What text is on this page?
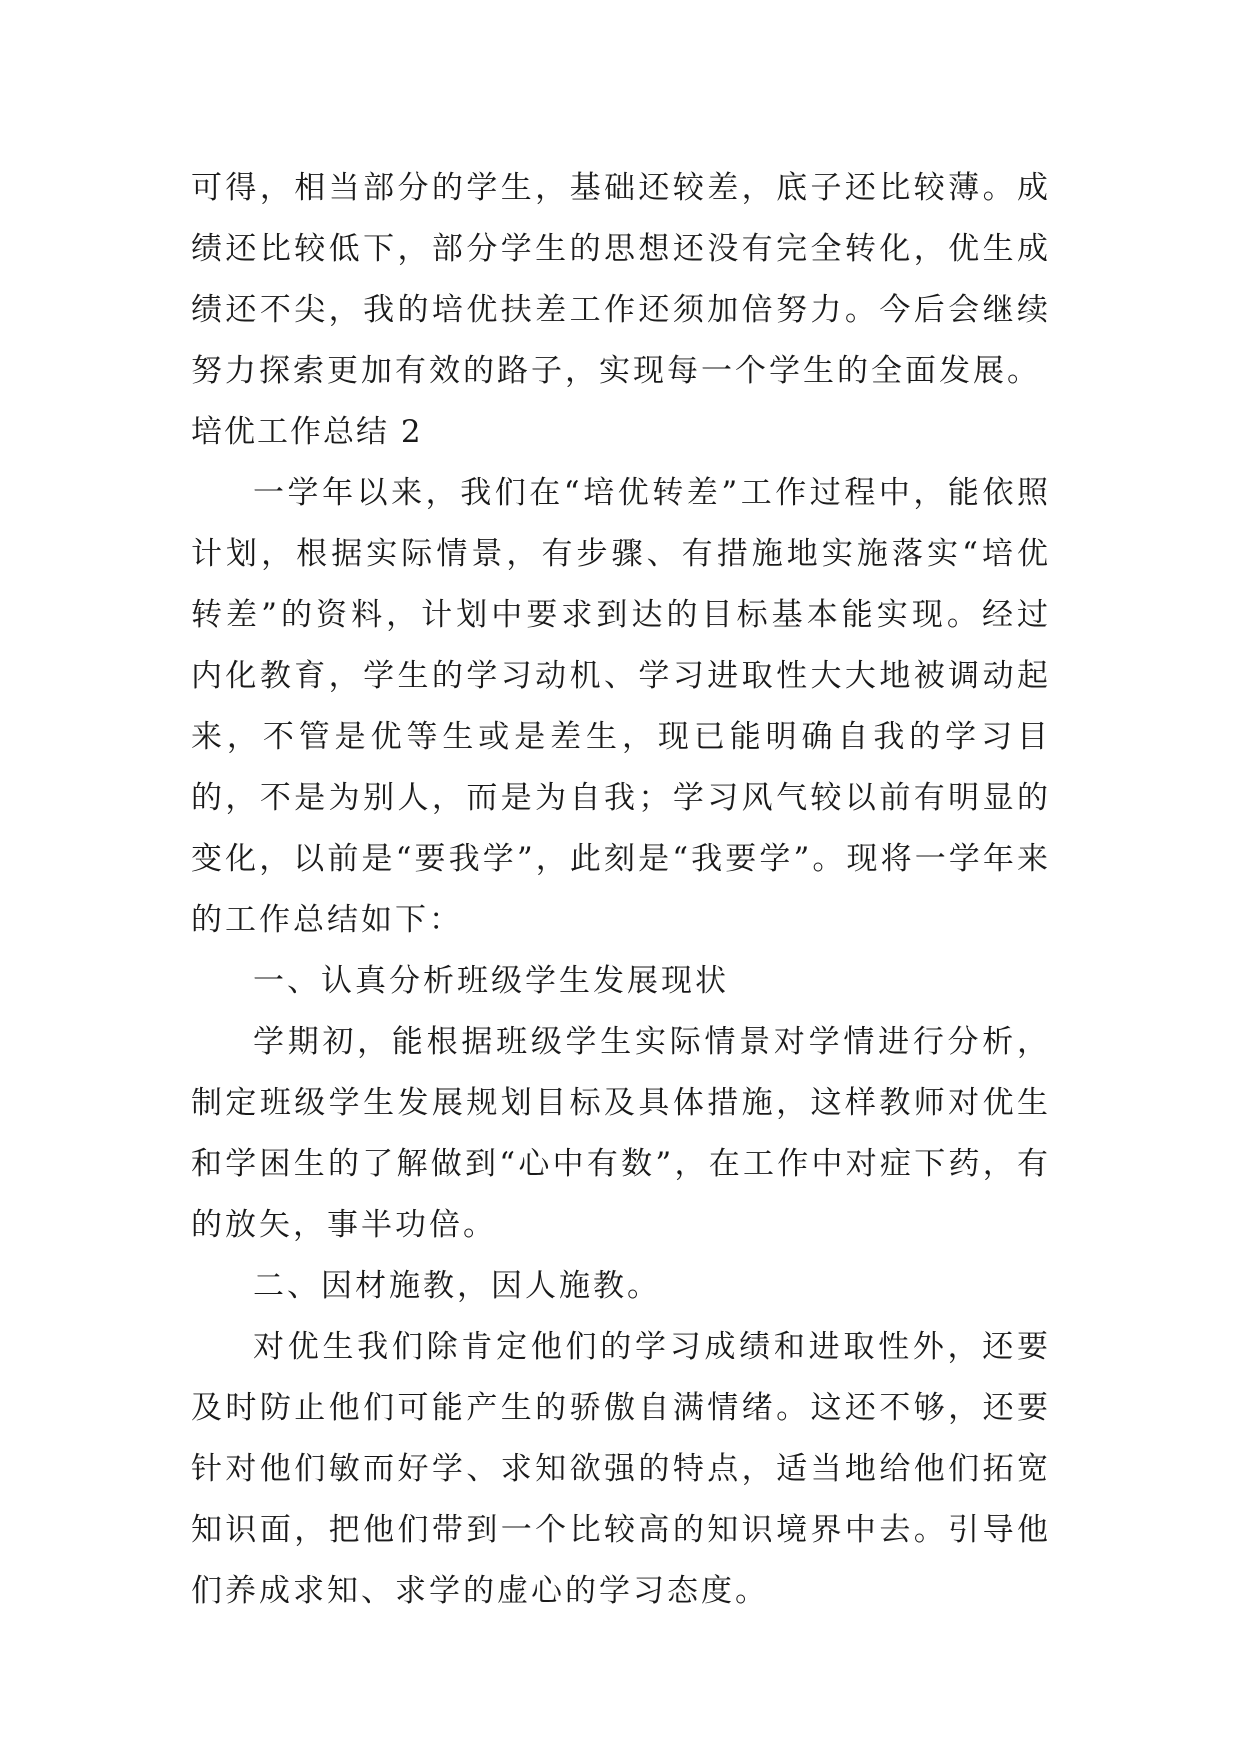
可得，相当部分的学生，基础还较差，底子还比较薄。成绩还比较低下，部分学生的思想还没有完全转化，优生成绩还不尖，我的培优扶差工作还须加倍努力。今后会继续努力探索更加有效的路子，实现每一个学生的全面发展。

培优工作总结 2

一学年以来，我们在“培优转差”工作过程中，能依照计划，根据实际情景，有步骤、有措施地实施落实“培优转差”的资料，计划中要求到达的目标基本能实现。经过内化教育，学生的学习动机、学习进取性大大地被调动起来，不管是优等生或是差生，现已能明确自我的学习目的，不是为别人，而是为自我；学习风气较以前有明显的变化，以前是“要我学”，此刻是“我要学”。现将一学年来的工作总结如下：

一、认真分析班级学生发展现状

学期初，能根据班级学生实际情景对学情进行分析，制定班级学生发展规划目标及具体措施，这样教师对优生和学困生的了解做到“心中有数”，在工作中对症下药，有的放矢，事半功倍。

二、因材施教，因人施教。

对优生我们除肯定他们的学习成绩和进取性外，还要及时防止他们可能产生的骄傲自满情绪。这还不够，还要针对他们敏而好学、求知欲强的特点，适当地给他们拓宽知识面，把他们带到一个比较高的知识境界中去。引导他们养成求知、求学的虚心的学习态度。
